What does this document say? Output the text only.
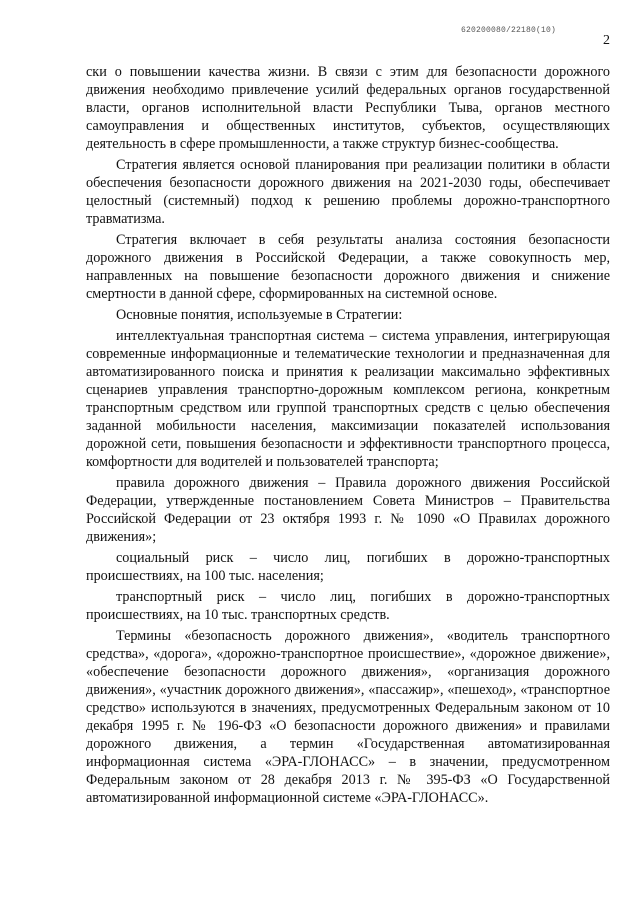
620200080/22180(10)
2

ски о повышении качества жизни. В связи с этим для безопасности дорожного движения необходимо привлечение усилий федеральных органов государственной власти, органов исполнительной власти Республики Тыва, органов местного самоуправления и общественных институтов, субъектов, осуществляющих деятельность в сфере промышленности, а также структур бизнес-сообщества.

Стратегия является основой планирования при реализации политики в области обеспечения безопасности дорожного движения на 2021-2030 годы, обеспечивает целостный (системный) подход к решению проблемы дорожно-транспортного травматизма.

Стратегия включает в себя результаты анализа состояния безопасности дорожного движения в Российской Федерации, а также совокупность мер, направленных на повышение безопасности дорожного движения и снижение смертности в данной сфере, сформированных на системной основе.

Основные понятия, используемые в Стратегии:

интеллектуальная транспортная система – система управления, интегрирующая современные информационные и телематические технологии и предназначенная для автоматизированного поиска и принятия к реализации максимально эффективных сценариев управления транспортно-дорожным комплексом региона, конкретным транспортным средством или группой транспортных средств с целью обеспечения заданной мобильности населения, максимизации показателей использования дорожной сети, повышения безопасности и эффективности транспортного процесса, комфортности для водителей и пользователей транспорта;

правила дорожного движения – Правила дорожного движения Российской Федерации, утвержденные постановлением Совета Министров – Правительства Российской Федерации от 23 октября 1993 г. № 1090 «О Правилах дорожного движения»;

социальный риск – число лиц, погибших в дорожно-транспортных происшествиях, на 100 тыс. населения;

транспортный риск – число лиц, погибших в дорожно-транспортных происшествиях, на 10 тыс. транспортных средств.

Термины «безопасность дорожного движения», «водитель транспортного средства», «дорога», «дорожно-транспортное происшествие», «дорожное движение», «обеспечение безопасности дорожного движения», «организация дорожного движения», «участник дорожного движения», «пассажир», «пешеход», «транспортное средство» используются в значениях, предусмотренных Федеральным законом от 10 декабря 1995 г. № 196-ФЗ «О безопасности дорожного движения» и правилами дорожного движения, а термин «Государственная автоматизированная информационная система «ЭРА-ГЛОНАСС» – в значении, предусмотренном Федеральным законом от 28 декабря 2013 г. № 395-ФЗ «О Государственной автоматизированной информационной системе «ЭРА-ГЛОНАСС».
